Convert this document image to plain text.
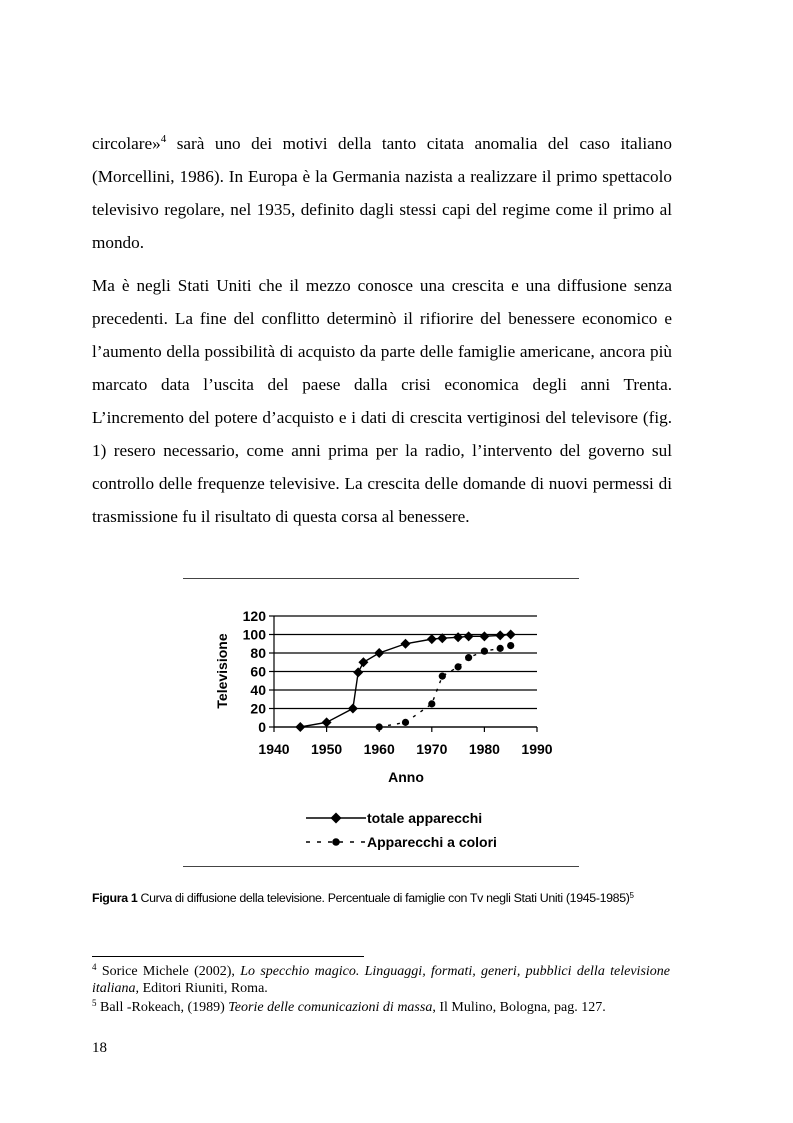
circolare»$^4$ sarà uno dei motivi della tanto citata anomalia del caso italiano (Morcellini, 1986). In Europa è la Germania nazista a realizzare il primo spettacolo televisivo regolare, nel 1935, definito dagli stessi capi del regime come il primo al mondo.

Ma è negli Stati Uniti che il mezzo conosce una crescita e una diffusione senza precedenti. La fine del conflitto determinò il rifiorire del benessere economico e l’aumento della possibilità di acquisto da parte delle famiglie americane, ancora più marcato data l’uscita del paese dalla crisi economica degli anni Trenta. L’incremento del potere d’acquisto e i dati di crescita vertiginosi del televisore (fig. 1) resero necessario, come anni prima per la radio, l’intervento del governo sul controllo delle frequenze televisive. La crescita delle domande di nuovi permessi di trasmissione fu il risultato di questa corsa al benessere.

0
20
40
60
80
100
120
1940 1950 1960 1970 1980 1990
Televisione
Anno
totale apparecchi
Apparecchi a colori

Figura 1 Curva di diffusione della televisione. Percentuale di famiglie con Tv negli Stati Uniti (1945-1985)$^5$

$^4$ Sorice Michele (2002), Lo specchio magico. Linguaggi, formati, generi, pubblici della televisione italiana, Editori Riuniti, Roma.

$^5$ Ball -Rokeach, (1989) Teorie delle comunicazioni di massa, Il Mulino, Bologna, pag. 127.

18
